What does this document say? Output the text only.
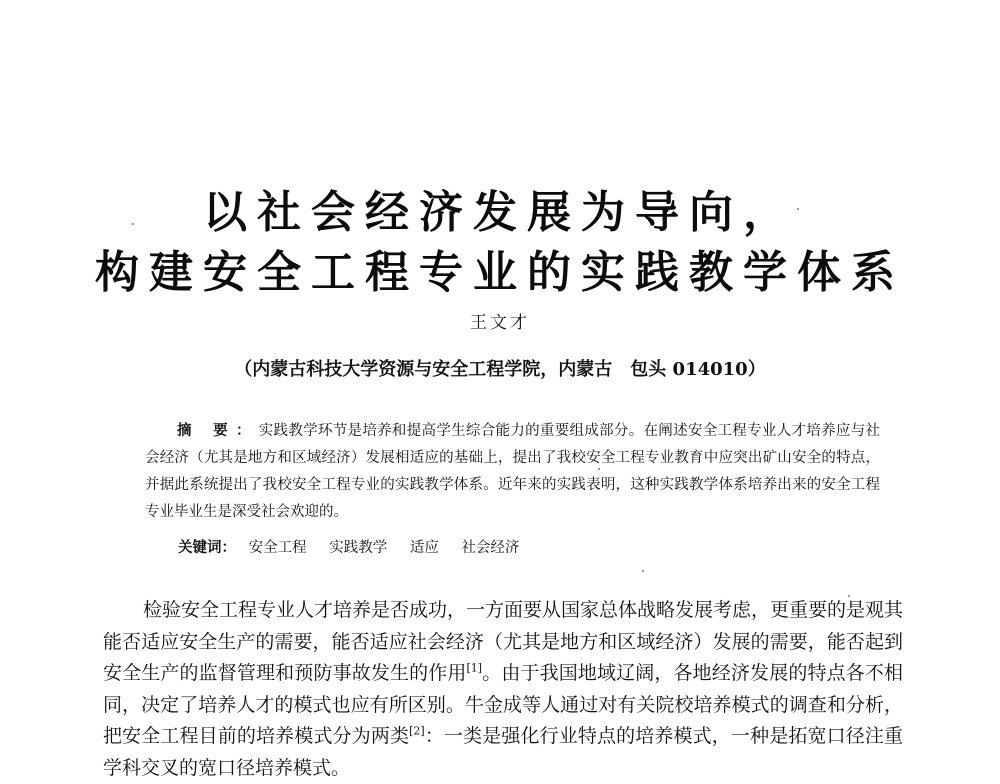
以社会经济发展为导向，
构建安全工程专业的实践教学体系
王文才
（内蒙古科技大学资源与安全工程学院，内蒙古　包头 014010）
摘 要：实践教学环节是培养和提高学生综合能力的重要组成部分。在阐述安全工程专业人才培养应与社会经济（尤其是地方和区域经济）发展相适应的基础上，提出了我校安全工程专业教育中应突出矿山安全的特点，并据此系统提出了我校安全工程专业的实践教学体系。近年来的实践表明，这种实践教学体系培养出来的安全工程专业毕业生是深受社会欢迎的。
关键词： 安全工程 实践教学 适应 社会经济
检验安全工程专业人才培养是否成功，一方面要从国家总体战略发展考虑，更重要的是观其能否适应安全生产的需要，能否适应社会经济（尤其是地方和区域经济）发展的需要，能否起到安全生产的监督管理和预防事故发生的作用[1]。由于我国地域辽阔，各地经济发展的特点各不相同，决定了培养人才的模式也应有所区别。牛金成等人通过对有关院校培养模式的调查和分析，把安全工程目前的培养模式分为两类[2]：一类是强化行业特点的培养模式，一种是拓宽口径注重学科交叉的宽口径培养模式。
